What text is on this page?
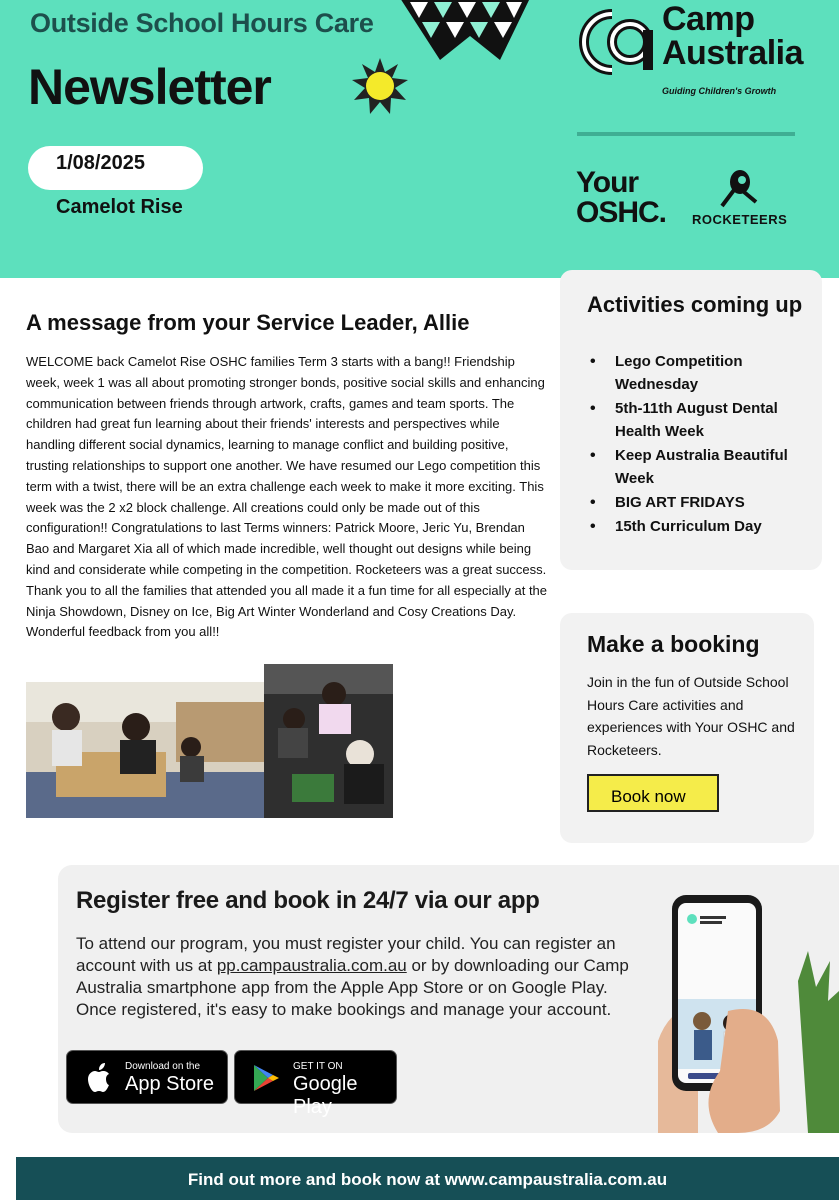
Outside School Hours Care
Newsletter
1/08/2025
Camelot Rise
Camp
Australia
Guiding Children's Growth
Your OSHC. ROCKETEERS
A message from your Service Leader, Allie

WELCOME back Camelot Rise OSHC families Term 3 starts with a bang!! Friendship week, week 1 was all about promoting stronger bonds, positive social skills and enhancing communication between friends through artwork, crafts, games and team sports. The children had great fun learning about their friends' interests and perspectives while handling different social dynamics, learning to manage conflict and building positive, trusting relationships to support one another. We have resumed our Lego competition this term with a twist, there will be an extra challenge each week to make it more exciting. This week was the 2 x2 block challenge. All creations could only be made out of this configuration!! Congratulations to last Terms winners: Patrick Moore, Jeric Yu, Brendan Bao and Margaret Xia all of which made incredible, well thought out designs while being kind and considerate while competing in the competition. Rocketeers was a great success. Thank you to all the families that attended you all made it a fun time for all especially at the Ninja Showdown, Disney on Ice, Big Art Winter Wonderland and Cosy Creations Day. Wonderful feedback from you all!!

Activities coming up
• Lego Competition Wednesday
• 5th-11th August Dental Health Week
• Keep Australia Beautiful Week
• BIG ART FRIDAYS
• 15th Curriculum Day
Make a booking
Join in the fun of Outside School Hours Care activities and experiences with Your OSHC and Rocketeers.
Book now
Register free and book in 24/7 via our app

To attend our program, you must register your child. You can register an account with us at pp.campaustralia.com.au or by downloading our Camp Australia smartphone app from the Apple App Store or on Google Play. Once registered, it's easy to make bookings and manage your account.

Download on the
App Store
GET IT ON
Google Play
Find out more and book now at www.campaustralia.com.au
